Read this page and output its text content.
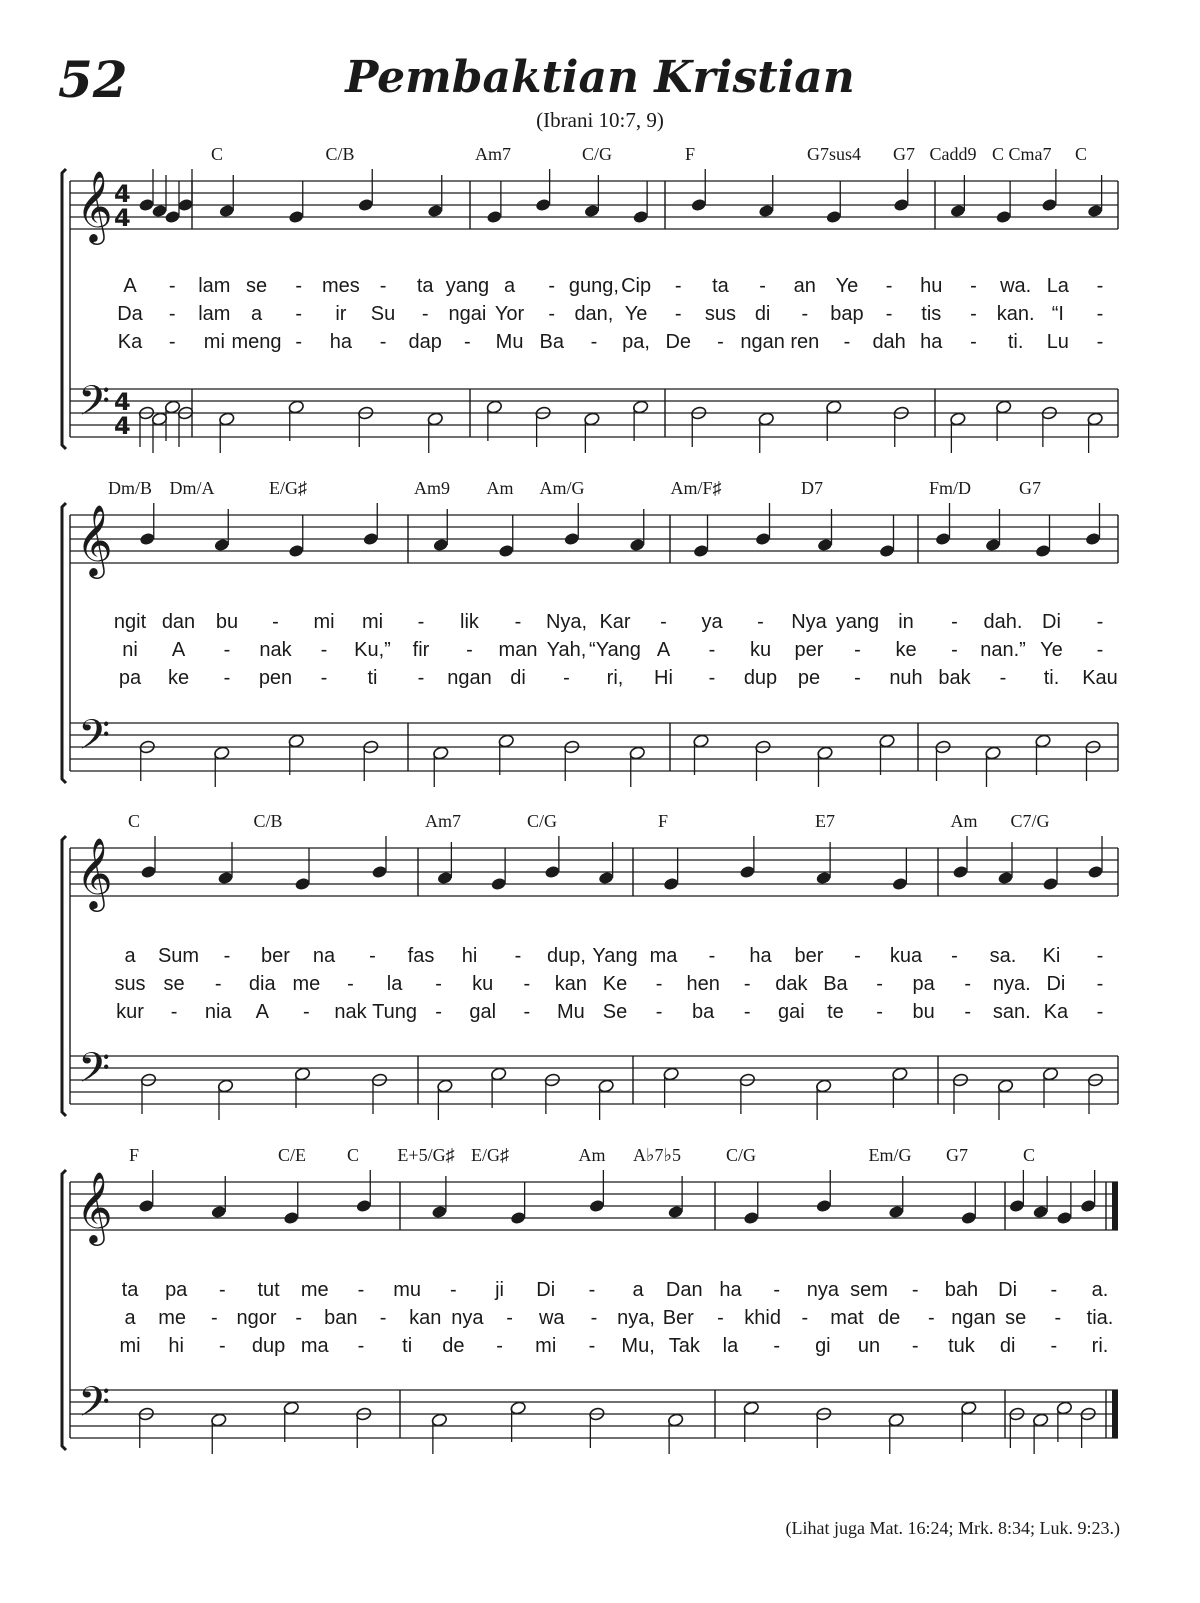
52	Pembaktian Kristian
(Ibrani 10:7, 9)
𝄞
𝄢
4
4
4
4
C	C/B	Am7	C/G	F	G7sus4 G7 Cadd9 C Cma7 C
A - lam se - mes - ta yang a - gung, Cip - ta - an Ye - hu - wa. La -
Da - lam a - ir Su - ngai Yor - dan, Ye - sus di - bap - tis - kan. “I -
Ka - mi meng - ha - dap - Mu Ba - pa, De - ngan ren - dah ha - ti. Lu -
𝄞
𝄢
Dm/B Dm/A	E/G♯	Am9 Am Am/G	Am/F♯	D7	Fm/D	G7
ngit dan bu - mi mi - lik - Nya, Kar - ya - Nya yang in - dah. Di -
ni A - nak - Ku,” fir - man Yah, “Yang A - ku per - ke - nan.” Ye -
pa ke - pen - ti - ngan di - ri, Hi - dup pe - nuh bak - ti. Kau
𝄞
𝄢
C	C/B	Am7	C/G	F	E7	Am C7/G
a Sum - ber na - fas hi - dup, Yang ma - ha ber - kua - sa. Ki -
sus se - dia me - la - ku - kan Ke - hen - dak Ba - pa - nya. Di -
kur - nia A - nak Tung - gal - Mu Se - ba - gai te - bu - san. Ka -
𝄞
𝄢
F	C/E C E+5/G♯ E/G♯	Am A♭7♭5	C/G	Em/G G7	C
ta pa - tut me - mu - ji Di - a Dan ha - nya sem - bah Di - a.
a me - ngor - ban - kan nya - wa - nya, Ber - khid - mat de - ngan se - tia.
mi hi - dup ma - ti de - mi - Mu, Tak la - gi un - tuk di - ri.
(Lihat juga Mat. 16:24; Mrk. 8:34; Luk. 9:23.)
